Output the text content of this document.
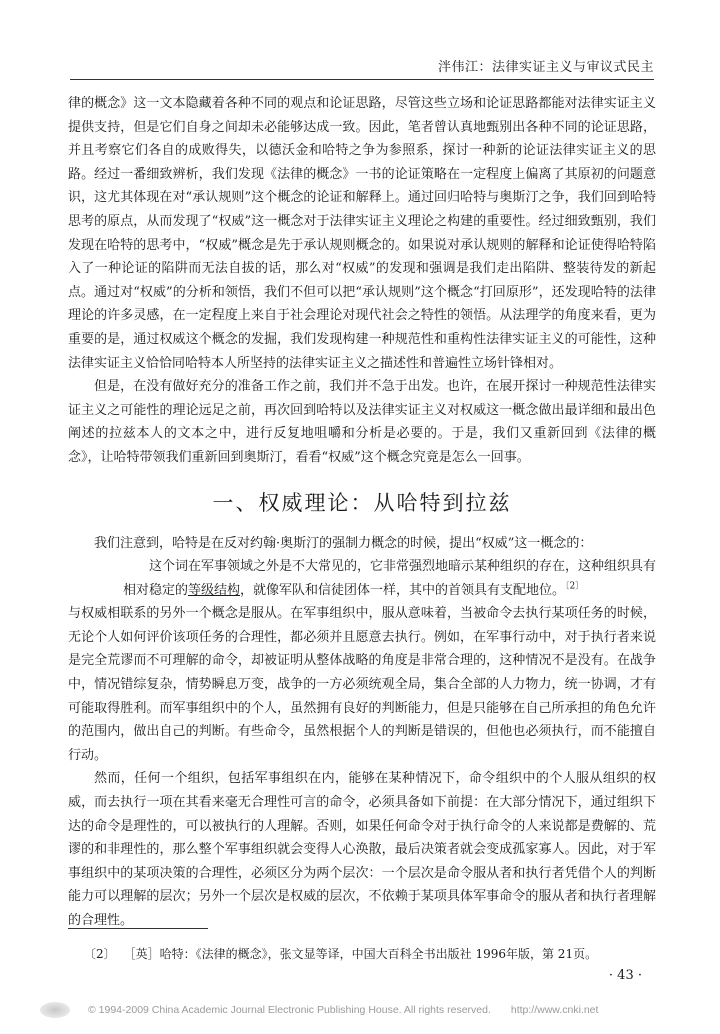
泮伟江：法律实证主义与审议式民主

律的概念》这一文本隐藏着各种不同的观点和论证思路，尽管这些立场和论证思路都能对法律实证主义提供支持，但是它们自身之间却未必能够达成一致。因此，笔者曾认真地甄别出各种不同的论证思路，并且考察它们各自的成败得失，以德沃金和哈特之争为参照系，探讨一种新的论证法律实证主义的思路。经过一番细致辨析，我们发现《法律的概念》一书的论证策略在一定程度上偏离了其原初的问题意识，这尤其体现在对“承认规则”这个概念的论证和解释上。通过回归哈特与奥斯汀之争，我们回到哈特思考的原点，从而发现了“权威”这一概念对于法律实证主义理论之构建的重要性。经过细致甄别，我们发现在哈特的思考中，“权威”概念是先于承认规则概念的。如果说对承认规则的解释和论证使得哈特陷入了一种论证的陷阱而无法自拔的话，那么对“权威”的发现和强调是我们走出陷阱、整装待发的新起点。通过对“权威”的分析和领悟，我们不但可以把“承认规则”这个概念“打回原形”，还发现哈特的法律理论的许多灵感，在一定程度上来自于社会理论对现代社会之特性的领悟。从法理学的角度来看，更为重要的是，通过权威这个概念的发掘，我们发现构建一种规范性和重构性法律实证主义的可能性，这种法律实证主义恰恰同哈特本人所坚持的法律实证主义之描述性和普遍性立场针锋相对。

但是，在没有做好充分的准备工作之前，我们并不急于出发。也许，在展开探讨一种规范性法律实证主义之可能性的理论远足之前，再次回到哈特以及法律实证主义对权威这一概念做出最详细和最出色阐述的拉兹本人的文本之中，进行反复地咀嚼和分析是必要的。于是，我们又重新回到《法律的概念》，让哈特带领我们重新回到奥斯汀，看看“权威”这个概念究竟是怎么一回事。

一、权威理论：从哈特到拉兹

我们注意到，哈特是在反对约翰·奥斯汀的强制力概念的时候，提出“权威”这一概念的：

这个词在军事领域之外是不大常见的，它非常强烈地暗示某种组织的存在，这种组织具有相对稳定的等级结构，就像军队和信徒团体一样，其中的首领具有支配地位。$^{〔2〕}$

与权威相联系的另外一个概念是服从。在军事组织中，服从意味着，当被命令去执行某项任务的时候，无论个人如何评价该项任务的合理性，都必须并且愿意去执行。例如，在军事行动中，对于执行者来说是完全荒谬而不可理解的命令，却被证明从整体战略的角度是非常合理的，这种情况不是没有。在战争中，情况错综复杂，情势瞬息万变，战争的一方必须统观全局，集合全部的人力物力，统一协调，才有可能取得胜利。而军事组织中的个人，虽然拥有良好的判断能力，但是只能够在自己所承担的角色允许的范围内，做出自己的判断。有些命令，虽然根据个人的判断是错误的，但他也必须执行，而不能擅自行动。

然而，任何一个组织，包括军事组织在内，能够在某种情况下，命令组织中的个人服从组织的权威，而去执行一项在其看来毫无合理性可言的命令，必须具备如下前提：在大部分情况下，通过组织下达的命令是理性的，可以被执行的人理解。否则，如果任何命令对于执行命令的人来说都是费解的、荒谬的和非理性的，那么整个军事组织就会变得人心涣散，最后决策者就会变成孤家寡人。因此，对于军事组织中的某项决策的合理性，必须区分为两个层次：一个层次是命令服从者和执行者凭借个人的判断能力可以理解的层次；另外一个层次是权威的层次，不依赖于某项具体军事命令的服从者和执行者理解的合理性。

〔2〕 ［英］哈特：《法律的概念》，张文显等译，中国大百科全书出版社 1996年版，第 21页。
· 43 ·
© 1994-2009 China Academic Journal Electronic Publishing House. All rights reserved. http://www.cnki.net
